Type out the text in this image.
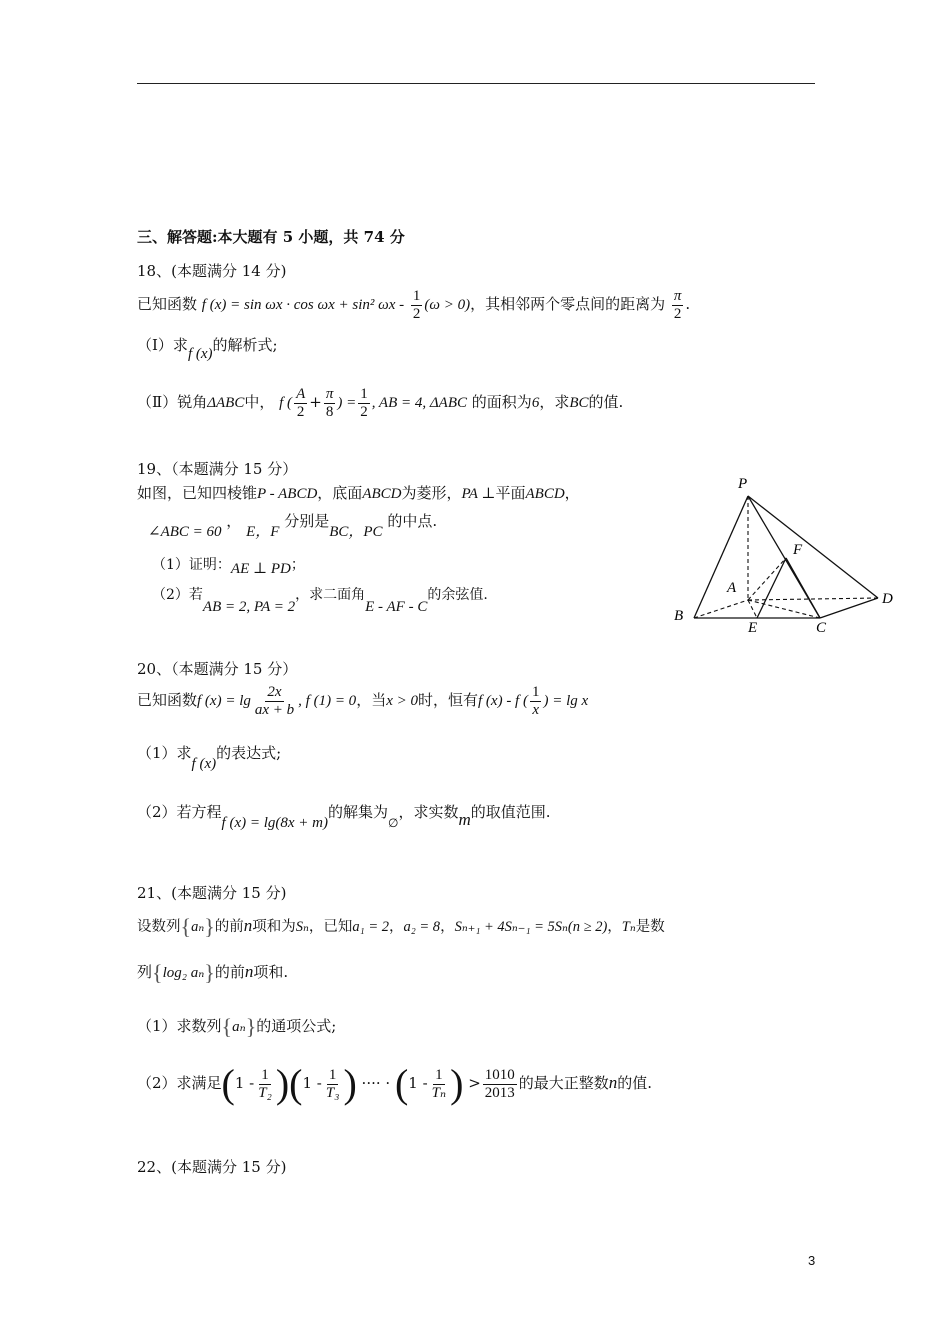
三、解答题:本大题有 5 小题，共 74 分
18、(本题满分 14 分)
已知函数 f (x) = sin ωx · cos ωx + sin² $\omega x - \frac{1}{2} (\omega > 0)$，其相邻两个零点间的距离为 $\frac{\pi}{2}$ .
（Ⅰ）求f (x)的解析式;
（Ⅱ）锐角ΔABC中， f ( $\frac{A}{2} + \frac{\pi}{8}$ ) = $\frac{1}{2}$ , AB = 4, ΔABC 的面积为6，求BC的值.
19、（本题满分 15 分）
如图，已知四棱锥P - ABCD，底面ABCD为菱形，PA ⊥平面ABCD，
∠ABC = 60 ， E，F 分别是BC，PC 的中点.
（1）证明：AE ⊥ PD；
（2）若AB = 2, PA = 2，求二面角E - AF - C的余弦值.
P
F
A
B
E	C
D
20、（本题满分 15 分）
已知函数f $(x) = \lg \frac{2x}{ax + b}$ , f (1) = 0，当x > 0时，恒有f (x) - f ( $\frac{1}{x}$ ) = lg x
（1）求f (x)的表达式;
（2）若方程f (x) = lg(8x + m)的解集为$_\emptyset$，求实数m的取值范围.
21、(本题满分 15 分)
设数列{aₙ}的前n项和为Sₙ，已知a₁ = 2，a₂ = 8，Sₙ₊₁ + 4Sₙ₋₁ = 5Sₙ(n ≥ 2)，Tₙ是数
列{log₂ aₙ}的前n项和.
（1）求数列{aₙ}的通项公式;
（2）求满足$(1 - \frac{1}{\text{T₂}} )(1 - \frac{1}{\text{T₃}}$ ) ···· · ($1 - \frac{1}{\text{Tₙ}}$ ) > $\frac{1010}{2013}$ 的最大正整数n的值.
22、(本题满分 15 分)
3
